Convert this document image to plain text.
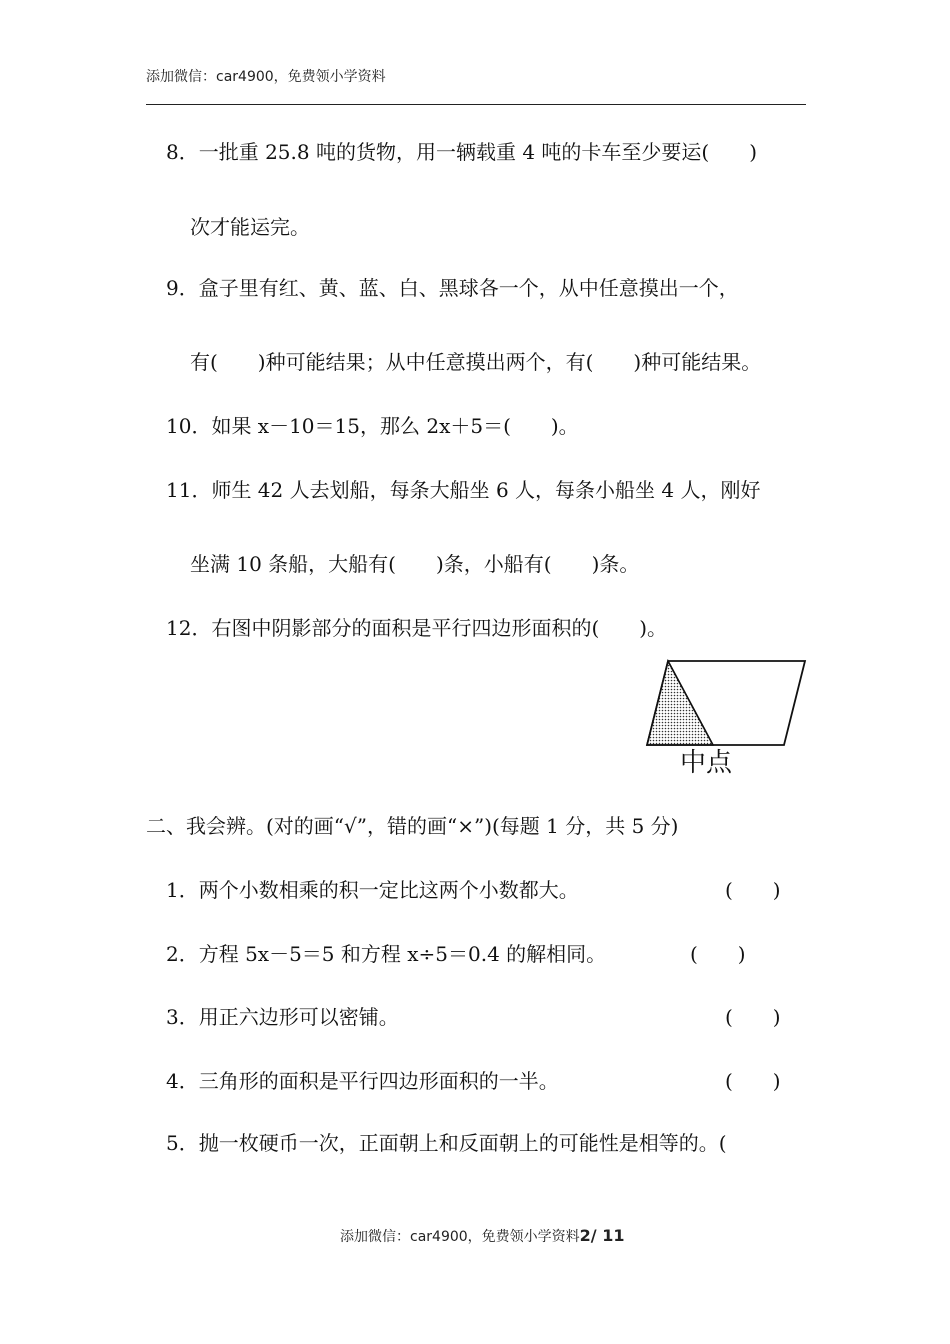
添加微信：car4900，免费领小学资料
8．一批重 25.8 吨的货物，用一辆载重 4 吨的卡车至少要运(　　)
次才能运完。
9．盒子里有红、黄、蓝、白、黑球各一个，从中任意摸出一个，
有(　　)种可能结果；从中任意摸出两个，有(　　)种可能结果。
10．如果 x－10＝15，那么 2x＋5＝(　　)。
11．师生 42 人去划船，每条大船坐 6 人，每条小船坐 4 人，刚好
坐满 10 条船，大船有(　　)条，小船有(　　)条。
12．右图中阴影部分的面积是平行四边形面积的(　　)。
中点
二、我会辨。(对的画“√”，错的画“×”)(每题 1 分，共 5 分)
1．两个小数相乘的积一定比这两个小数都大。	(　　)
2．方程 5x－5＝5 和方程 x÷5＝0.4 的解相同。	(　　)
3．用正六边形可以密铺。	(　　)
4．三角形的面积是平行四边形面积的一半。	(　　)
5．抛一枚硬币一次，正面朝上和反面朝上的可能性是相等的。(
添加微信：car4900，免费领小学资料2/ 11
